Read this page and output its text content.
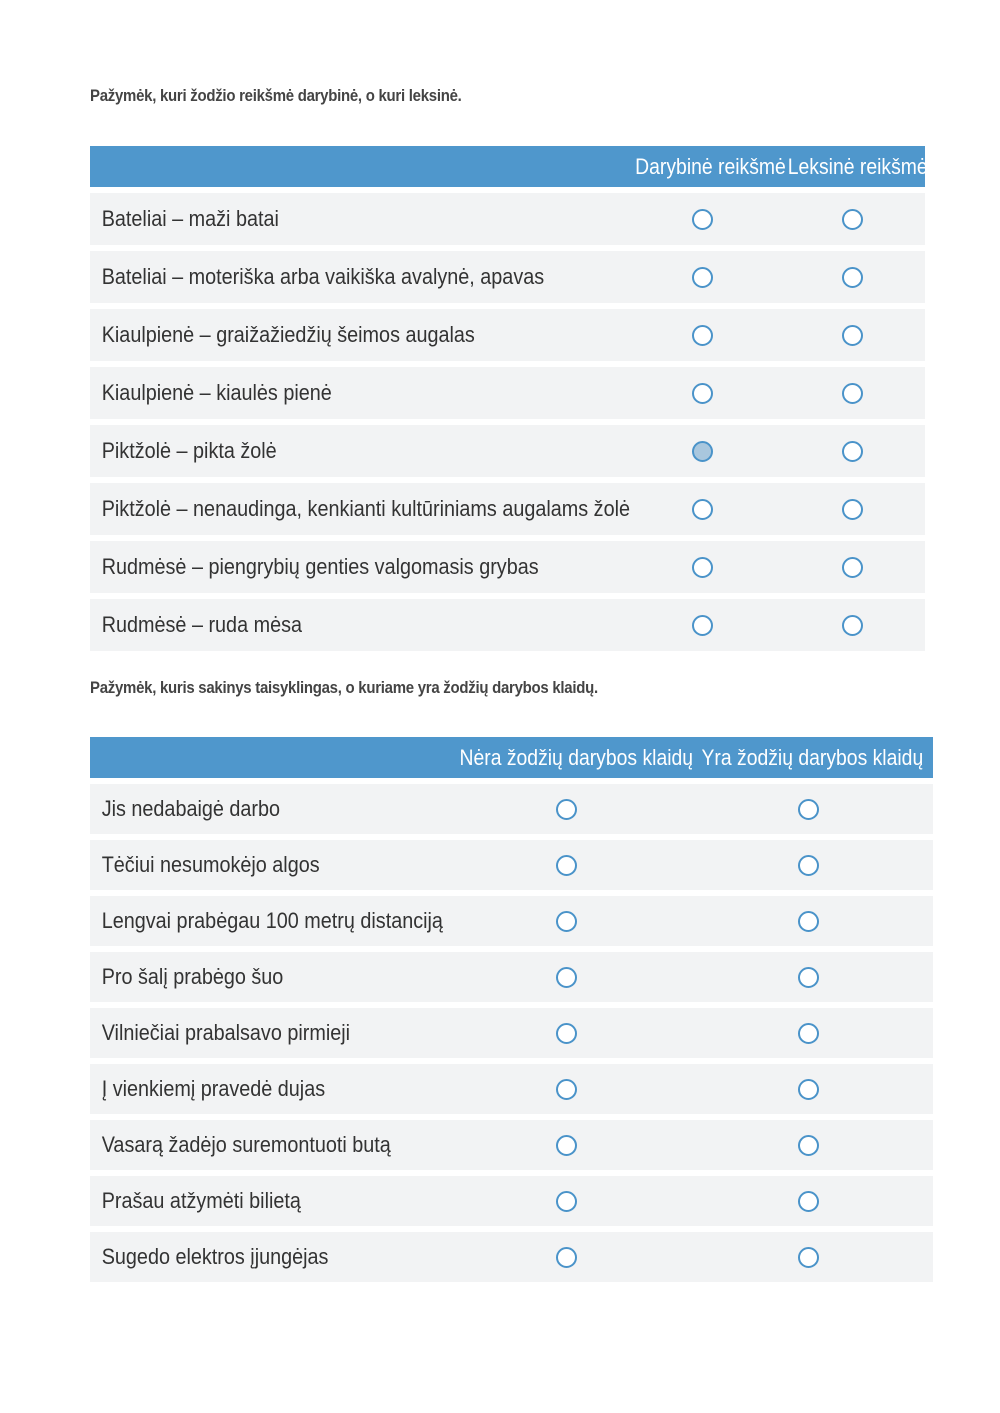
Pažymėk, kuri žodžio reikšmė darybinė, o kuri leksinė.
Darybinė reikšmė Leksinė reikšmė
Bateliai – maži batai
Bateliai – moteriška arba vaikiška avalynė, apavas
Kiaulpienė – graižažiedžių šeimos augalas
Kiaulpienė – kiaulės pienė
Piktžolė – pikta žolė
Piktžolė – nenaudinga, kenkianti kultūriniams augalams žolė
Rudmėsė – piengrybių genties valgomasis grybas
Rudmėsė – ruda mėsa
Pažymėk, kuris sakinys taisyklingas, o kuriame yra žodžių darybos klaidų.
Nėra žodžių darybos klaidų Yra žodžių darybos klaidų
Jis nedabaigė darbo
Tėčiui nesumokėjo algos
Lengvai prabėgau 100 metrų distanciją
Pro šalį prabėgo šuo
Vilniečiai prabalsavo pirmieji
Į vienkiemį pravedė dujas
Vasarą žadėjo suremontuoti butą
Prašau atžymėti bilietą
Sugedo elektros įjungėjas
